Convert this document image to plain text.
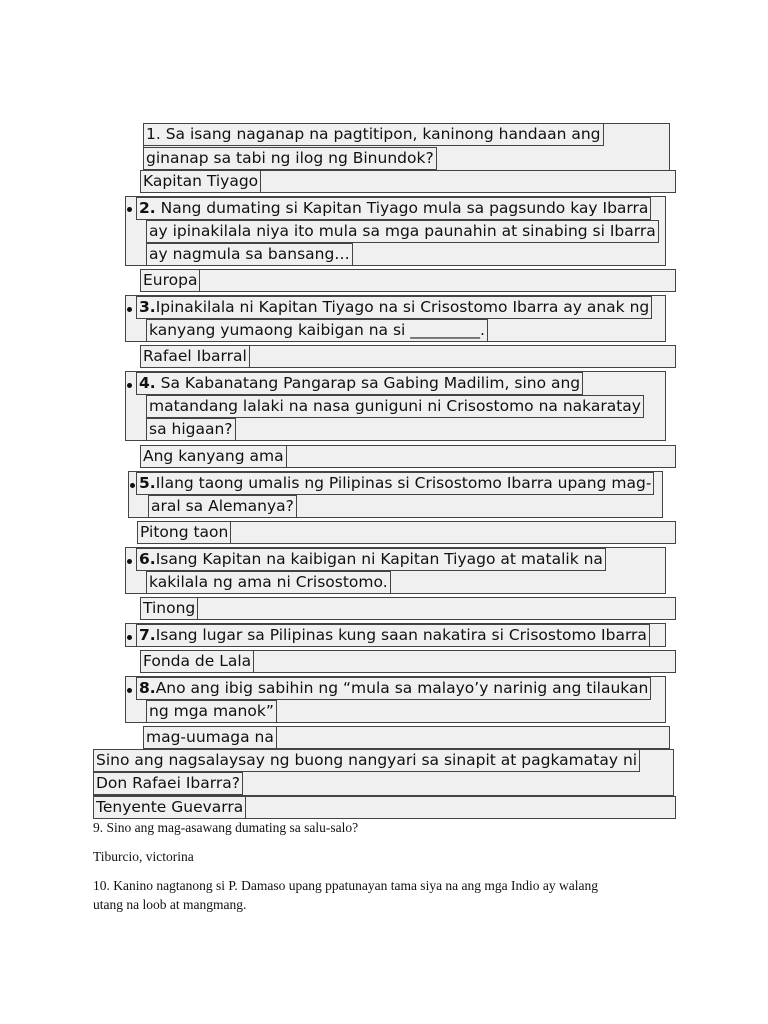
1. Sa isang naganap na pagtitipon, kaninong handaan ang
ginanap sa tabi ng ilog ng Binundok?
Kapitan Tiyago
2. Nang dumating si Kapitan Tiyago mula sa pagsundo kay Ibarra
ay ipinakilala niya ito mula sa mga paunahin at sinabing si Ibarra
ay nagmula sa bansang…
Europa
3.Ipinakilala ni Kapitan Tiyago na si Crisostomo Ibarra ay anak ng
kanyang yumaong kaibigan na si _________.
Rafael Ibarral
4. Sa Kabanatang Pangarap sa Gabing Madilim, sino ang
matandang lalaki na nasa guniguni ni Crisostomo na nakaratay
sa higaan?
Ang kanyang ama
5.Ilang taong umalis ng Pilipinas si Crisostomo Ibarra upang mag-
aral sa Alemanya?
Pitong taon
6.Isang Kapitan na kaibigan ni Kapitan Tiyago at matalik na
kakilala ng ama ni Crisostomo.
Tinong
7.Isang lugar sa Pilipinas kung saan nakatira si Crisostomo Ibarra
Fonda de Lala
8.Ano ang ibig sabihin ng “mula sa malayo’y narinig ang tilaukan
ng mga manok”
mag-uumaga na
Sino ang nagsalaysay ng buong nangyari sa sinapit at pagkamatay ni
Don Rafaei Ibarra?
Tenyente Guevarra
9. Sino ang mag-asawang dumating sa salu-salo?
Tiburcio, victorina
10. Kanino nagtanong si P. Damaso upang ppatunayan tama siya na ang mga Indio ay walang
utang na loob at mangmang.
